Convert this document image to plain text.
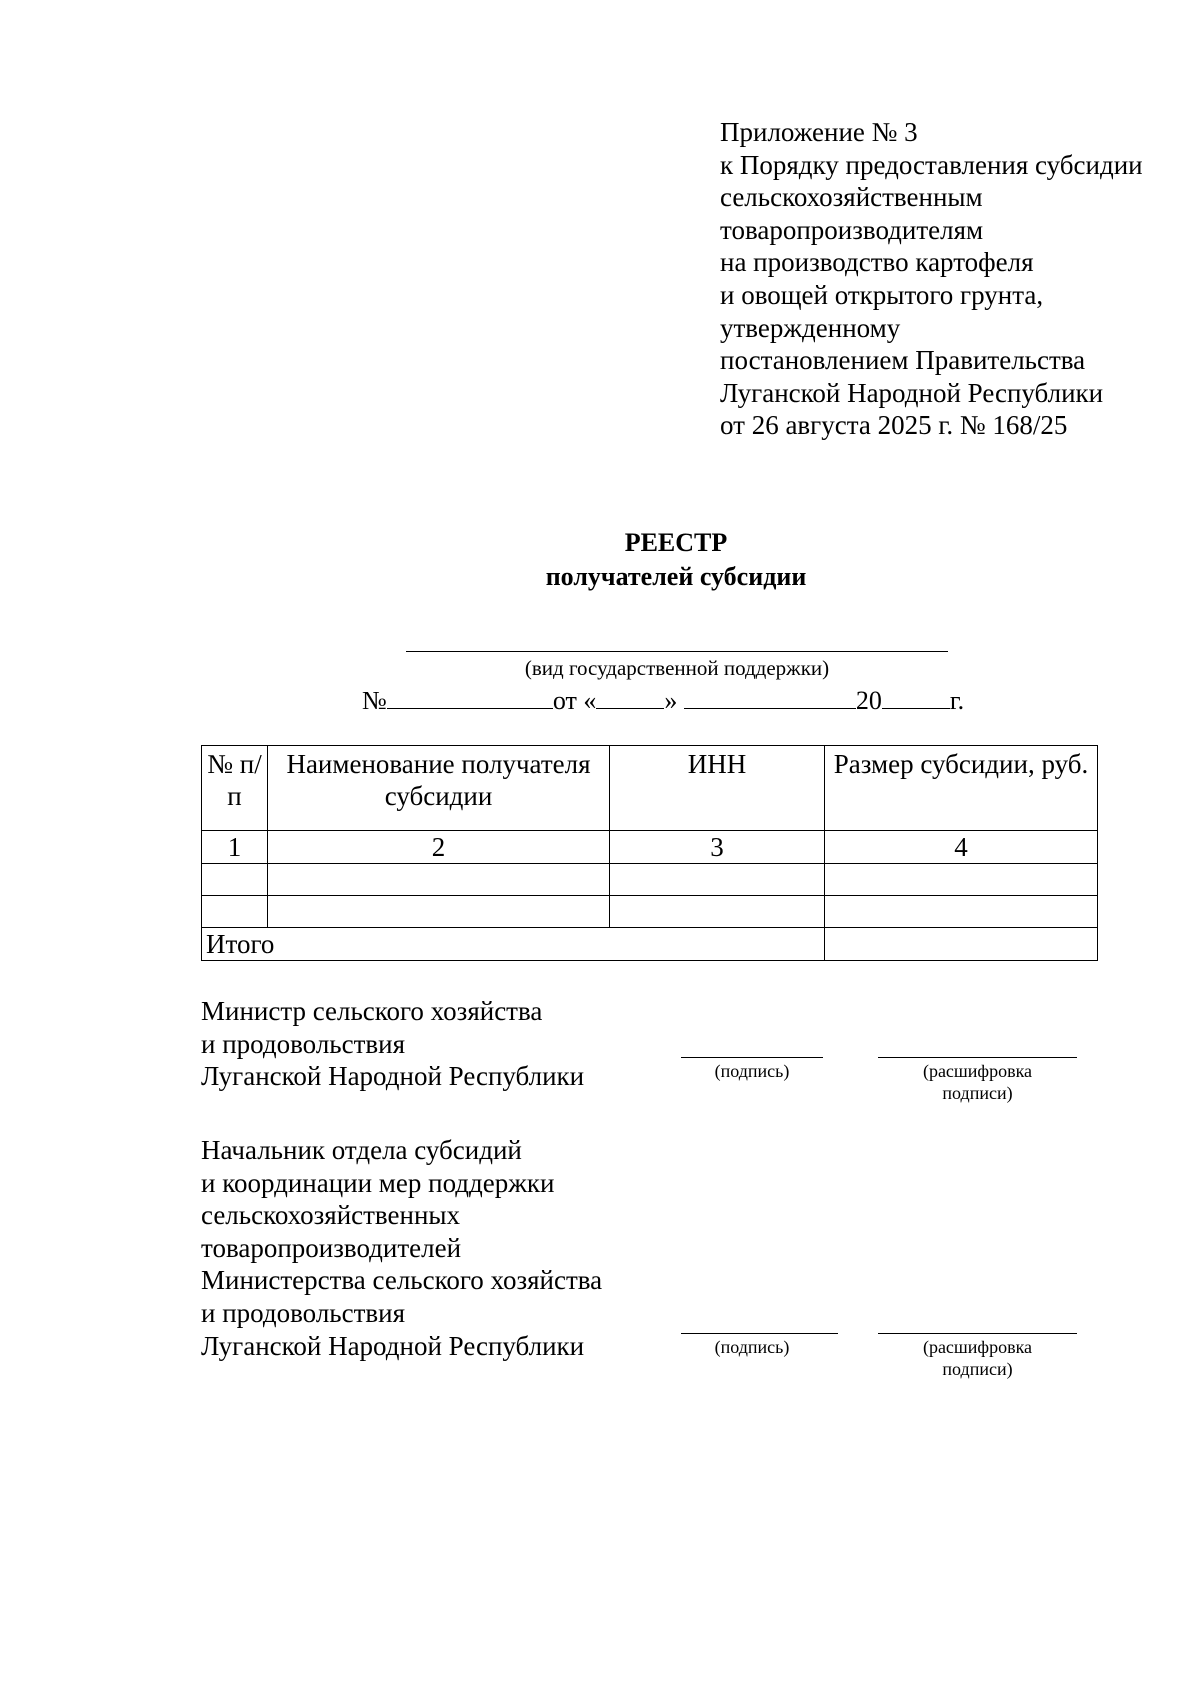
Приложение № 3
к Порядку предоставления субсидии
сельскохозяйственным
товаропроизводителям
на производство картофеля
и овощей открытого грунта,
утвержденному
постановлением Правительства
Луганской Народной Республики
от 26 августа 2025 г. № 168/25
РЕЕСТР
получателей субсидии
(вид государственной поддержки)
№	от «	»	20	г.
№ п/п	Наименование получателя субсидии	ИНН	Размер субсидии, руб.
1	2	3	4

Итого			
Министр сельского хозяйства
и продовольствия
Луганской Народной Республики	(подпись)	(расшифровка
подписи)
Начальник отдела субсидий
и координации мер поддержки
сельскохозяйственных
товаропроизводителей
Министерства сельского хозяйства
и продовольствия
Луганской Народной Республики	(подпись)	(расшифровка
подписи)
